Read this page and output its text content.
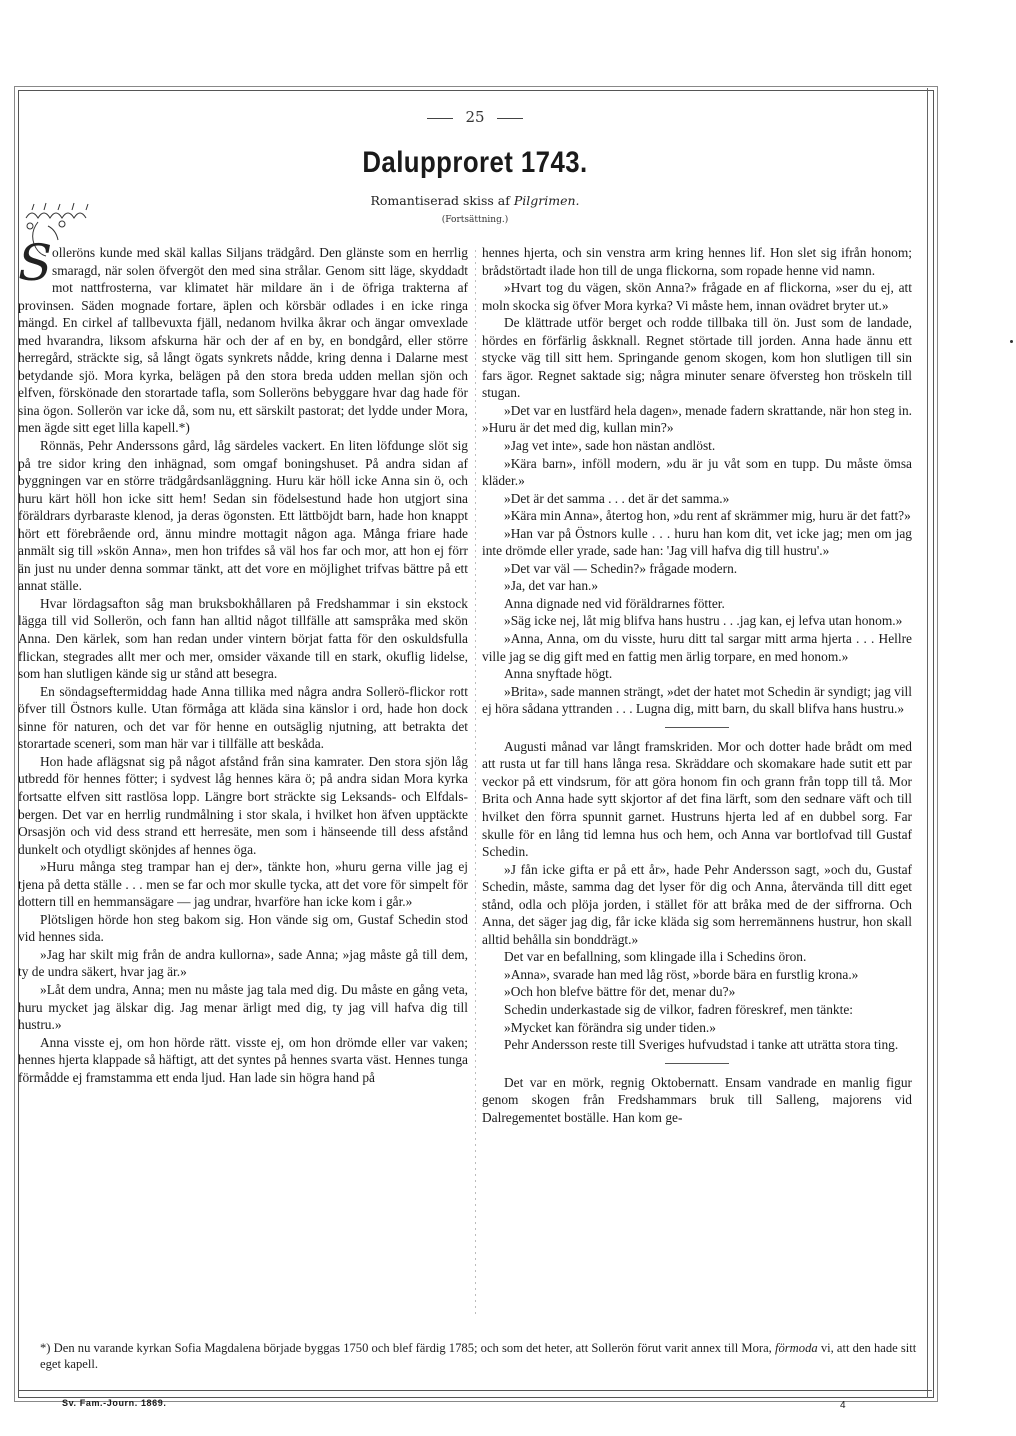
25
Dalupproret 1743.
Romantiserad skiss af Pilgrimen.
(Fortsättning.)

Solleröns kunde med skäl kallas Siljans trädgård. Den glänste som en herrlig smaragd, när solen öfvergöt den med sina strålar. Genom sitt läge, skyddadt mot nattfrosterna, var klimatet här mildare än i de öfriga trakterna af provinsen. Säden mognade fortare, äplen och körsbär odlades i en icke ringa mängd. En cirkel af tallbevuxta fjäll, nedanom hvilka åkrar och ängar omvexlade med hvarandra, liksom afskurna här och der af en by, en bondgård, eller större herregård, sträckte sig, så långt ögats synkrets nådde, kring denna i Dalarne mest betydande sjö. Mora kyrka, belägen på den stora breda udden mellan sjön och elfven, förskönade den storartade tafla, som Solleröns bebyggare hvar dag hade för sina ögon. Sollerön var icke då, som nu, ett särskilt pastorat; det lydde under Mora, men ägde sitt eget lilla kapell.*)

Rönnäs, Pehr Anderssons gård, låg särdeles vackert. En liten löfdunge slöt sig på tre sidor kring den inhägnad, som omgaf boningshuset. På andra sidan af byggningen var en större trädgårdsanläggning. Huru kär höll icke Anna sin ö, och huru kärt höll hon icke sitt hem! Sedan sin födelsestund hade hon utgjort sina föräldrars dyrbaraste klenod, ja deras ögonsten. Ett lättböjdt barn, hade hon knappt hört ett förebrående ord, ännu mindre mottagit någon aga. Många friare hade anmält sig till »skön Anna», men hon trifdes så väl hos far och mor, att hon ej förr än just nu under denna sommar tänkt, att det vore en möjlighet trifvas bättre på ett annat ställe.

Hvar lördagsafton såg man bruksbokhållaren på Fredshammar i sin ekstock lägga till vid Sollerön, och fann han alltid något tillfälle att samspråka med skön Anna. Den kärlek, som han redan under vintern börjat fatta för den oskuldsfulla flickan, stegrades allt mer och mer, omsider växande till en stark, okuflig lidelse, som han slutligen kände sig ur stånd att besegra.

En söndagseftermiddag hade Anna tillika med några andra Sollerö-flickor rott öfver till Östnors kulle. Utan förmåga att kläda sina känslor i ord, hade hon dock sinne för naturen, och det var för henne en outsäglig njutning, att betrakta det storartade sceneri, som man här var i tillfälle att beskåda.

Hon hade aflägsnat sig på något afstånd från sina kamrater. Den stora sjön låg utbredd för hennes fötter; i sydvest låg hennes kära ö; på andra sidan Mora kyrka fortsatte elfven sitt rastlösa lopp. Längre bort sträckte sig Leksands- och Elfdals-bergen. Det var en herrlig rundmålning i stor skala, i hvilket hon äfven upptäckte Orsasjön och vid dess strand ett herresäte, men som i hänseende till dess afstånd dunkelt och otydligt skönjdes af hennes öga.

»Huru många steg trampar han ej der», tänkte hon, »huru gerna ville jag ej tjena på detta ställe . . . men se far och mor skulle tycka, att det vore för simpelt för dottern till en hemmansägare — jag undrar, hvarföre han icke kom i går.»

Plötsligen hörde hon steg bakom sig. Hon vände sig om, Gustaf Schedin stod vid hennes sida.

»Jag har skilt mig från de andra kullorna», sade Anna; »jag måste gå till dem, ty de undra säkert, hvar jag är.»

»Låt dem undra, Anna; men nu måste jag tala med dig. Du måste en gång veta, huru mycket jag älskar dig. Jag menar ärligt med dig, ty jag vill hafva dig till hustru.»

Anna visste ej, om hon hörde rätt. visste ej, om hon drömde eller var vaken; hennes hjerta klappade så häftigt, att det syntes på hennes svarta väst. Hennes tunga förmådde ej framstamma ett enda ljud. Han lade sin högra hand på

hennes hjerta, och sin venstra arm kring hennes lif. Hon slet sig ifrån honom; brådstörtadt ilade hon till de unga flickorna, som ropade henne vid namn.

»Hvart tog du vägen, skön Anna?» frågade en af flickorna, »ser du ej, att moln skocka sig öfver Mora kyrka? Vi måste hem, innan ovädret bryter ut.»

De klättrade utför berget och rodde tillbaka till ön. Just som de landade, hördes en förfärlig åskknall. Regnet störtade till jorden. Anna hade ännu ett stycke väg till sitt hem. Springande genom skogen, kom hon slutligen till sin fars ägor. Regnet saktade sig; några minuter senare öfversteg hon tröskeln till stugan.

»Det var en lustfärd hela dagen», menade fadern skrattande, när hon steg in. »Huru är det med dig, kullan min?»

»Jag vet inte», sade hon nästan andlöst.

»Kära barn», inföll modern, »du är ju våt som en tupp. Du måste ömsa kläder.»

»Det är det samma . . . det är det samma.»

»Kära min Anna», återtog hon, »du rent af skrämmer mig, huru är det fatt?»

»Han var på Östnors kulle . . . huru han kom dit, vet icke jag; men om jag inte drömde eller yrade, sade han: 'Jag vill hafva dig till hustru'.»

»Det var väl — Schedin?» frågade modern.

»Ja, det var han.»

Anna dignade ned vid föräldrarnes fötter.

»Säg icke nej, låt mig blifva hans hustru . . .jag kan, ej lefva utan honom.»

»Anna, Anna, om du visste, huru ditt tal sargar mitt arma hjerta . . . Hellre ville jag se dig gift med en fattig men ärlig torpare, en med honom.»

Anna snyftade högt.

»Brita», sade mannen strängt, »det der hatet mot Schedin är syndigt; jag vill ej höra sådana yttranden . . . Lugna dig, mitt barn, du skall blifva hans hustru.»

Augusti månad var långt framskriden. Mor och dotter hade brådt om med att rusta ut far till hans långa resa. Skräddare och skomakare hade sutit ett par veckor på ett vindsrum, för att göra honom fin och grann från topp till tå. Mor Brita och Anna hade sytt skjortor af det fina lärft, som den sednare väft och till hvilket den förra spunnit garnet. Hustruns hjerta led af en dubbel sorg. Far skulle för en lång tid lemna hus och hem, och Anna var bortlofvad till Gustaf Schedin.

»J fån icke gifta er på ett år», hade Pehr Andersson sagt, »och du, Gustaf Schedin, måste, samma dag det lyser för dig och Anna, återvända till ditt eget stånd, odla och plöja jorden, i stället för att bråka med de der siffrorna. Och Anna, det säger jag dig, får icke kläda sig som herremännens hustrur, hon skall alltid behålla sin bonddrägt.»

Det var en befallning, som klingade illa i Schedins öron.

»Anna», svarade han med låg röst, »borde bära en furstlig krona.»

»Och hon blefve bättre för det, menar du?»

Schedin underkastade sig de vilkor, fadren föreskref, men tänkte:

»Mycket kan förändra sig under tiden.»

Pehr Andersson reste till Sveriges hufvudstad i tanke att uträtta stora ting.

Det var en mörk, regnig Oktobernatt. Ensam vandrade en manlig figur genom skogen från Fredshammars bruk till Salleng, majorens vid Dalregementet boställe. Han kom ge-

*) Den nu varande kyrkan Sofia Magdalena började byggas 1750 och blef färdig 1785; och som det heter, att Sollerön förut varit annex till Mora, förmoda vi, att den hade sitt eget kapell.
Sv. Fam.-Journ. 1869.	4
